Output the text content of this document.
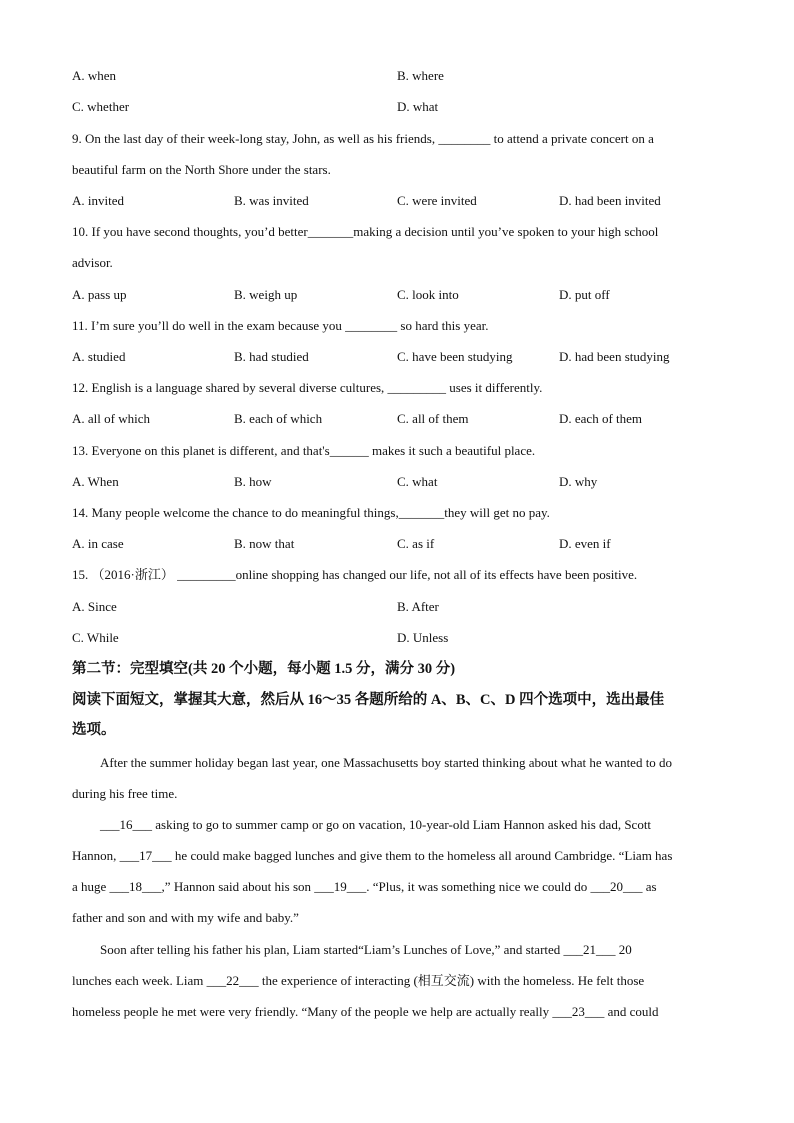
A. when	B. where
C. whether	D. what
9. On the last day of their week-long stay, John, as well as his friends, ________ to attend a private concert on a
beautiful farm on the North Shore under the stars.
A. invited	B. was invited	C. were invited	D. had been invited
10. If you have second thoughts, you’d better_______making a decision until you’ve spoken to your high school
advisor.
A. pass up	B. weigh up	C. look into	D. put off
11. I’m sure you’ll do well in the exam because you ________ so hard this year.
A. studied	B. had studied	C. have been studying	D. had been studying
12. English is a language shared by several diverse cultures, _________ uses it differently.
A. all of which	B. each of which	C. all of them	D. each of them
13. Everyone on this planet is different, and that's______ makes it such a beautiful place.
A. When	B. how	C. what	D. why
14. Many people welcome the chance to do meaningful things,_______they will get no pay.
A. in case	B. now that	C. as if	D. even if
15. （2016·浙江） _________online shopping has changed our life, not all of its effects have been positive.
A. Since	B. After
C. While	D. Unless
第二节：完型填空(共 20 个小题，每小题 1.5 分，满分 30 分)
阅读下面短文，掌握其大意，然后从 16～35 各题所给的 A、B、C、D 四个选项中，选出最佳
选项。
After the summer holiday began last year, one Massachusetts boy started thinking about what he wanted to do
during his free time.
___16___ asking to go to summer camp or go on vacation, 10-year-old Liam Hannon asked his dad, Scott
Hannon, ___17___ he could make bagged lunches and give them to the homeless all around Cambridge. “Liam has
a huge ___18___,” Hannon said about his son ___19___. “Plus, it was something nice we could do ___20___ as
father and son and with my wife and baby.”
Soon after telling his father his plan, Liam started“Liam’s Lunches of Love,” and started ___21___ 20
lunches each week. Liam ___22___ the experience of interacting (相互交流) with the homeless. He felt those
homeless people he met were very friendly. “Many of the people we help are actually really ___23___ and could
